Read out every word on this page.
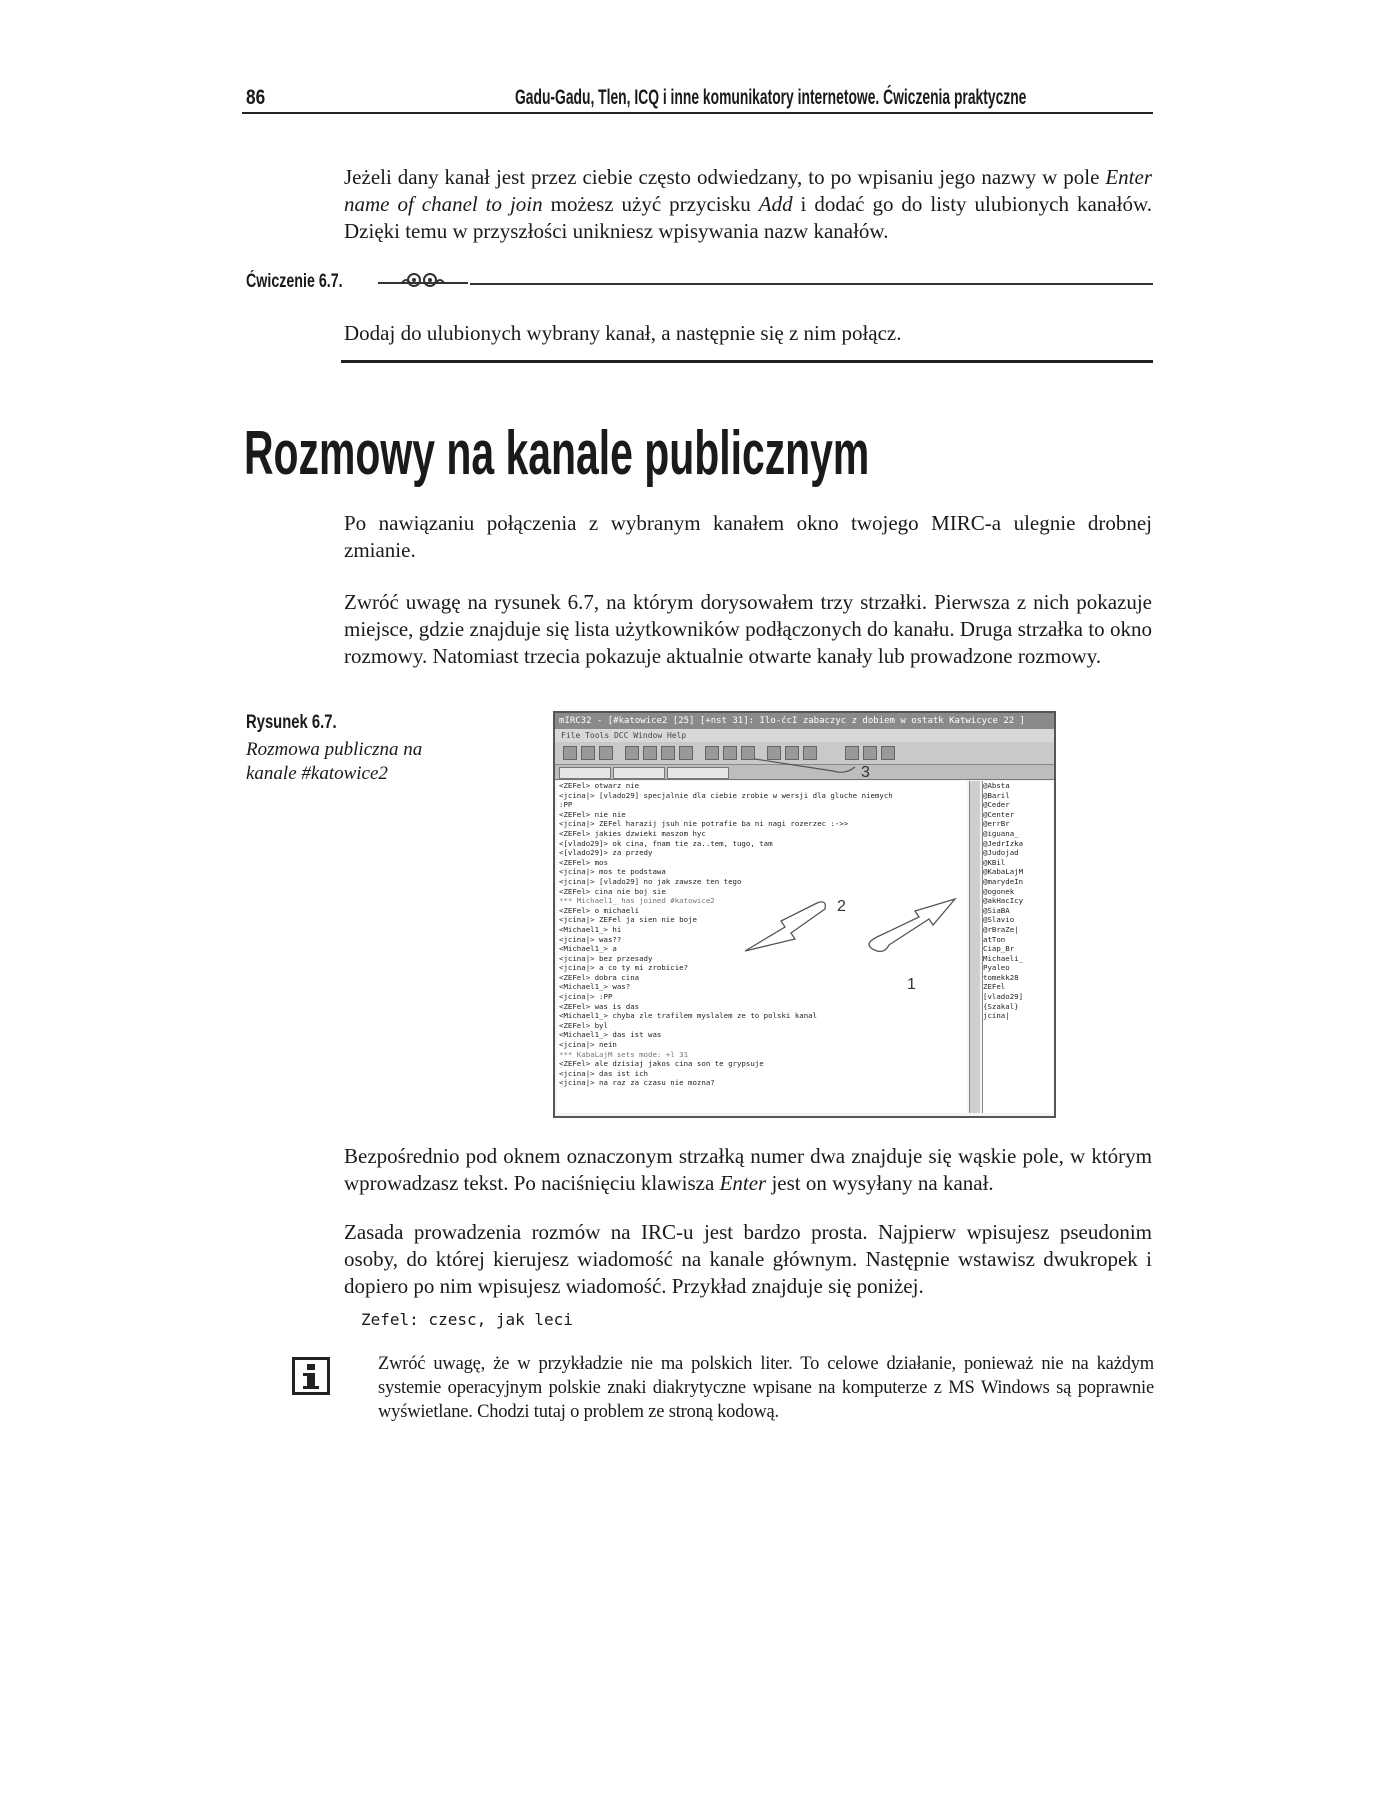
86	Gadu-Gadu, Tlen, ICQ i inne komunikatory internetowe. Ćwiczenia praktyczne
Jeżeli dany kanał jest przez ciebie często odwiedzany, to po wpisaniu jego nazwy w pole Enter name of chanel to join możesz użyć przycisku Add i dodać go do listy ulubionych kanałów. Dzięki temu w przyszłości unikniesz wpisywania nazw kanałów.
Ćwiczenie 6.7.
Dodaj do ulubionych wybrany kanał, a następnie się z nim połącz.
Rozmowy na kanale publicznym
Po nawiązaniu połączenia z wybranym kanałem okno twojego MIRC-a ulegnie drobnej zmianie.
Zwróć uwagę na rysunek 6.7, na którym dorysowałem trzy strzałki. Pierwsza z nich pokazuje miejsce, gdzie znajduje się lista użytkowników podłączonych do kanału. Druga strzałka to okno rozmowy. Natomiast trzecia pokazuje aktualnie otwarte kanały lub prowadzone rozmowy.
Rysunek 6.7.
Rozmowa publiczna na kanale #katowice2
mIRC32 - [#katowice2 [25] [+nst 31]: Ilo-ćcI zabaczyc z dobiem w ostatk Katwicyce 22 ]
File Tools DCC Window Help
<ZEFel> otwarz nie
<jcina|> [vlado29] specjalnie dla ciebie zrobie w wersji dla gluche niemych
:PP
<ZEFel> nie nie
<jcina|> ZEFel harazij jsuh nie potrafie ba ni nagi rozerzec :->>
<ZEFel> jakies dzwieki maszom hyc
<[vlado29]> ok cina, fnam tie za..tem, tugo, tam
<[vlado29]> za przedy
<ZEFel> mos
<jcina|> mos te podstawa
<jcina|> [vlado29] no jak zawsze ten tego
<ZEFel> cina nie boj sie
*** Michael1_ has joined #katowice2
<ZEFel> o michaeli
<jcina|> ZEFel ja sien nie boje
<Michael1_> hi
<jcina|> was??
<Michael1_> a
<jcina|> bez przesady
<jcina|> a co ty mi zrobicie?
<ZEFel> dobra cina
<Michael1_> was?
<jcina|> :PP
<ZEFel> was is das
<Michael1_> chyba zle trafilem myslalem ze to polski kanal
<ZEFel> byl
<Michael1_> das ist was
<jcina|> nein
*** KabaLajM sets mode: +l 31
<ZEFel> ale dzisiaj jakos cina son te grypsuje
<jcina|> das ist ich
<jcina|> na raz za czasu nie mozna?
@Absta
@Baril
@Ceder
@Center
@errBr
@iguana_
@JedrIzka
@Judojad
@KBil
@KabaLajM
@marydeIn
@ogonek
@akHacIcy
@SiaBA
@Slavio
@rBraZe|
atTon
Ciap_Br
Michaeli_
Pyaleo
tomekk28
ZEFel
[vlado29]
{Szakal}
jcina|
1
2
3
Bezpośrednio pod oknem oznaczonym strzałką numer dwa znajduje się wąskie pole, w którym wprowadzasz tekst. Po naciśnięciu klawisza Enter jest on wysyłany na kanał.
Zasada prowadzenia rozmów na IRC-u jest bardzo prosta. Najpierw wpisujesz pseudonim osoby, do której kierujesz wiadomość na kanale głównym. Następnie wstawisz dwukropek i dopiero po nim wpisujesz wiadomość. Przykład znajduje się poniżej.
Zefel: czesc, jak leci
Zwróć uwagę, że w przykładzie nie ma polskich liter. To celowe działanie, ponieważ nie na każdym systemie operacyjnym polskie znaki diakrytyczne wpisane na komputerze z MS Windows są poprawnie wyświetlane. Chodzi tutaj o problem ze stroną kodową.
